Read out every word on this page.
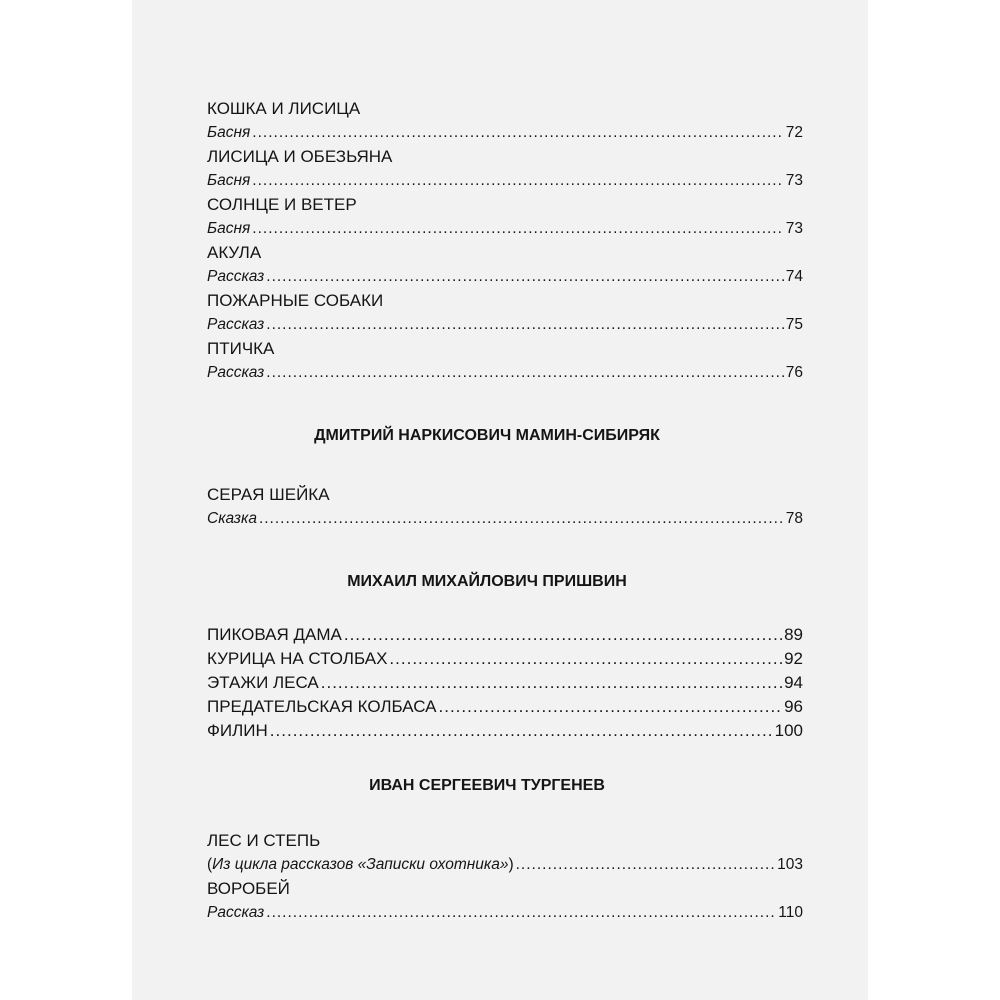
КОШКА И ЛИСИЦА
Басня .....	72
ЛИСИЦА И ОБЕЗЬЯНА
Басня .....	73
СОЛНЦЕ И ВЕТЕР
Басня .....	73
АКУЛА
Рассказ .....	74
ПОЖАРНЫЕ СОБАКИ
Рассказ .....	75
ПТИЧКА
Рассказ .....	76
ДМИТРИЙ НАРКИСОВИЧ МАМИН-СИБИРЯК
СЕРАЯ ШЕЙКА
Сказка .....	78
МИХАИЛ МИХАЙЛОВИЧ ПРИШВИН
ПИКОВАЯ ДАМА .....	89
КУРИЦА НА СТОЛБАХ .....	92
ЭТАЖИ ЛЕСА .....	94
ПРЕДАТЕЛЬСКАЯ КОЛБАСА .....	96
ФИЛИН .....	100
ИВАН СЕРГЕЕВИЧ ТУРГЕНЕВ
ЛЕС И СТЕПЬ
( Из цикла рассказов «Записки охотника» ) .....	103
ВОРОБЕЙ
Рассказ .....	110
